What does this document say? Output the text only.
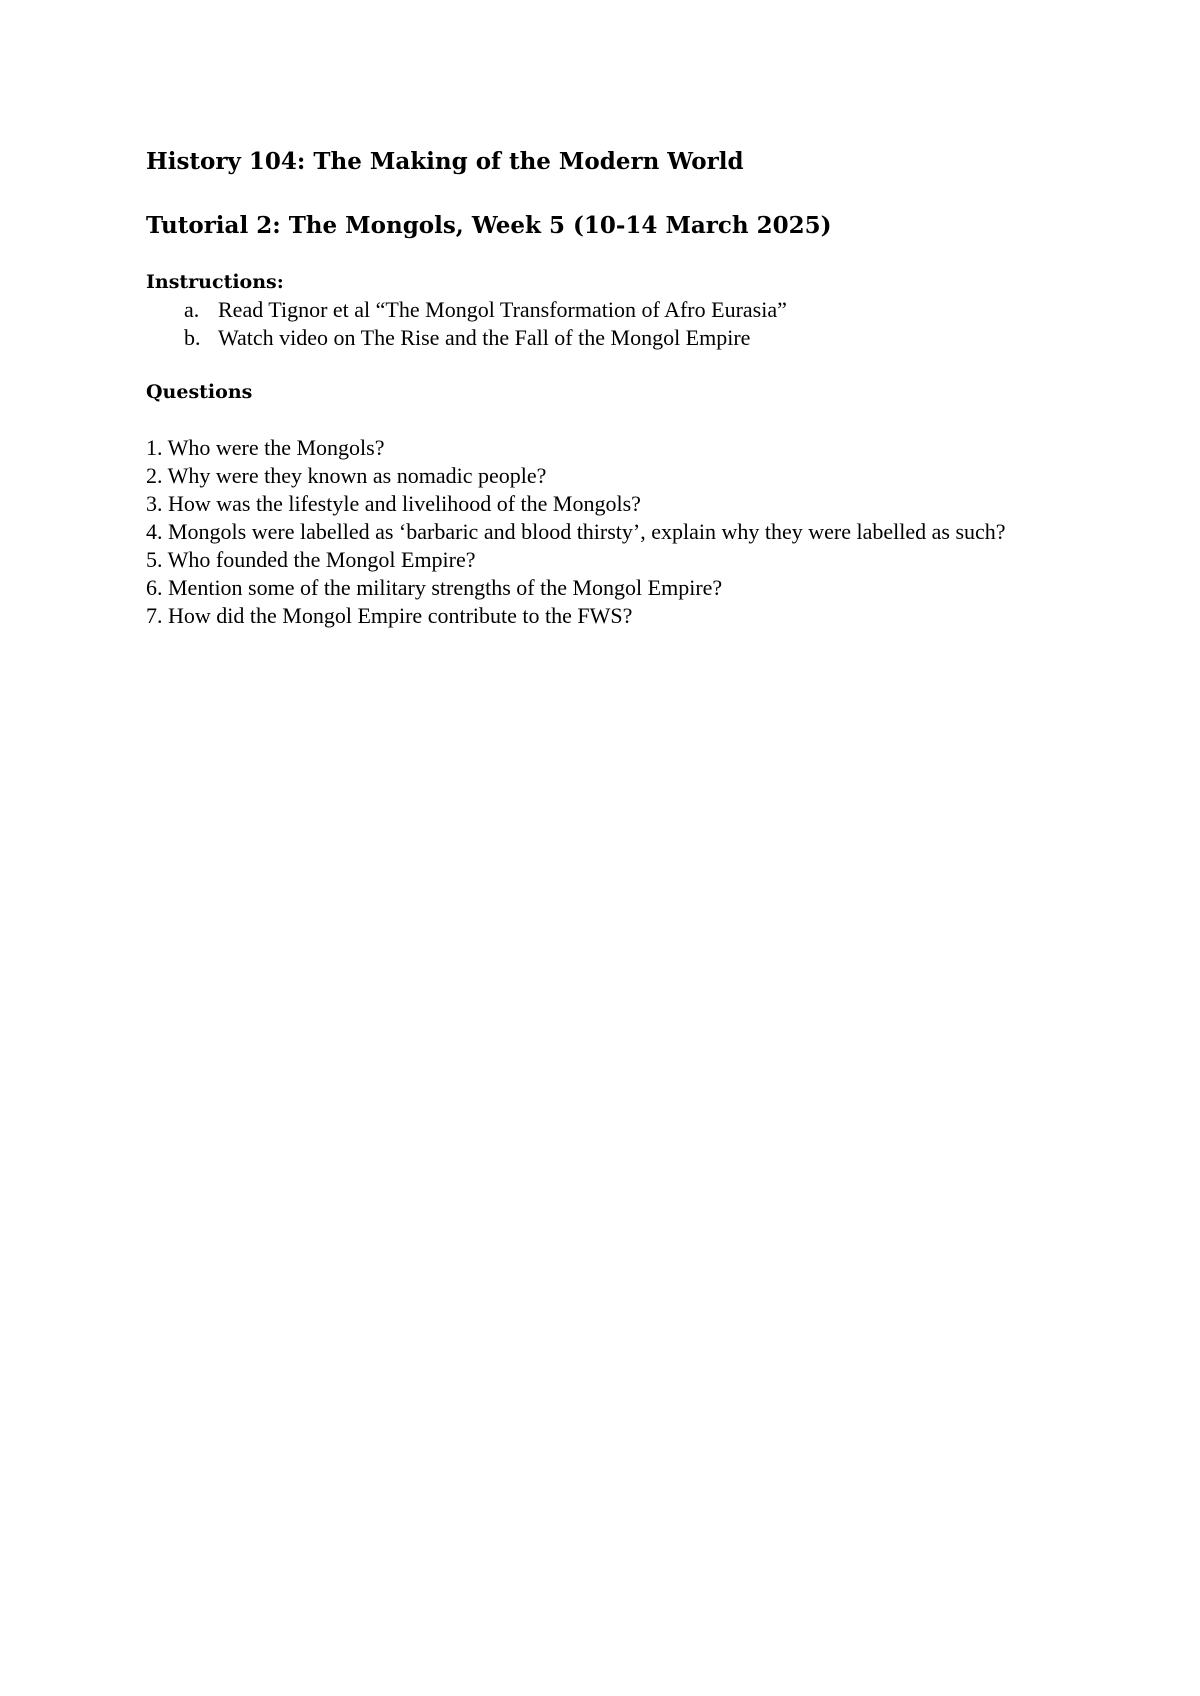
History 104: The Making of the Modern World
Tutorial 2: The Mongols, Week 5 (10-14 March 2025)
Instructions:
a. Read Tignor et al “The Mongol Transformation of Afro Eurasia”
b. Watch video on The Rise and the Fall of the Mongol Empire
Questions

1. Who were the Mongols?

2. Why were they known as nomadic people?

3. How was the lifestyle and livelihood of the Mongols?

4. Mongols were labelled as ‘barbaric and blood thirsty’, explain why they were labelled as such?

5. Who founded the Mongol Empire?

6. Mention some of the military strengths of the Mongol Empire?

7. How did the Mongol Empire contribute to the FWS?
